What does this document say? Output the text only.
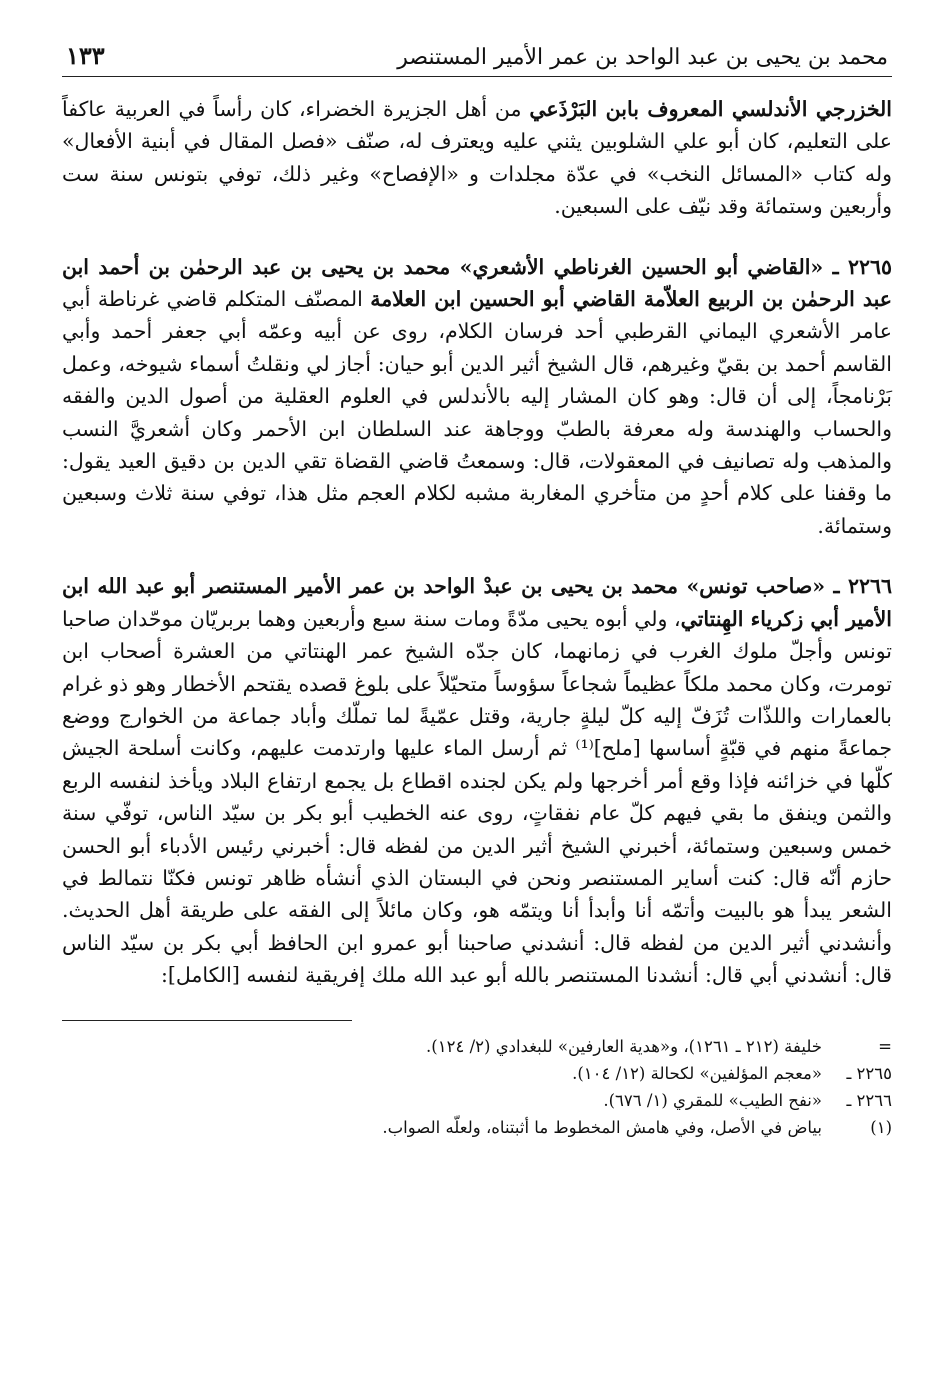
محمد بن يحيى بن عبد الواحد بن عمر الأمير المستنصر
١٣٣

الخزرجي الأندلسي المعروف بابن البَرْذَعي من أهل الجزيرة الخضراء، كان رأساً في العربية عاكفاً على التعليم، كان أبو علي الشلوبين يثني عليه ويعترف له، صنّف «فصل المقال في أبنية الأفعال» وله كتاب «المسائل النخب» في عدّة مجلدات و «الإفصاح» وغير ذلك، توفي بتونس سنة ست وأربعين وستمائة وقد نيّف على السبعين.

٢٢٦٥ ـ «القاضي أبو الحسين الغرناطي الأشعري» محمد بن يحيى بن عبد الرحمٰن بن أحمد ابن عبد الرحمٰن بن الربيع العلاّمة القاضي أبو الحسين ابن العلامة المصنّف المتكلم قاضي غرناطة أبي عامر الأشعري اليماني القرطبي أحد فرسان الكلام، روى عن أبيه وعمّه أبي جعفر أحمد وأبي القاسم أحمد بن بقيّ وغيرهم، قال الشيخ أثير الدين أبو حيان: أجاز لي ونقلتُ أسماء شيوخه، وعمل بَرْنامجاً، إلى أن قال: وهو كان المشار إليه بالأندلس في العلوم العقلية من أصول الدين والفقه والحساب والهندسة وله معرفة بالطبّ ووجاهة عند السلطان ابن الأحمر وكان أشعريَّ النسب والمذهب وله تصانيف في المعقولات، قال: وسمعتُ قاضي القضاة تقي الدين بن دقيق العيد يقول: ما وقفنا على كلام أحدٍ من متأخري المغاربة مشبه لكلام العجم مثل هذا، توفي سنة ثلاث وسبعين وستمائة.

٢٢٦٦ ـ «صاحب تونس» محمد بن يحيى بن عبدْ الواحد بن عمر الأمير المستنصر أبو عبد الله ابن الأمير أبي زكرياء الهِنتاتي، ولي أبوه يحيى مدّةً ومات سنة سبع وأربعين وهما بربريّان موحّدان صاحبا تونس وأجلّ ملوك الغرب في زمانهما، كان جدّه الشيخ عمر الهنتاتي من العشرة أصحاب ابن تومرت، وكان محمد ملكاً عظيماً شجاعاً سؤوساً متحيّلاً على بلوغ قصده يقتحم الأخطار وهو ذو غرام بالعمارات واللذّات تُزَفّ إليه كلّ ليلةٍ جارية، وقتل عمّيةً لما تملّك وأباد جماعة من الخوارج ووضع جماعةً منهم في قبّةٍ أساسها [ملح]⁽¹⁾ ثم أرسل الماء عليها وارتدمت عليهم، وكانت أسلحة الجيش كلّها في خزائنه فإذا وقع أمر أخرجها ولم يكن لجنده اقطاع بل يجمع ارتفاع البلاد ويأخذ لنفسه الربع والثمن وينفق ما بقي فيهم كلّ عام نفقاتٍ، روى عنه الخطيب أبو بكر بن سيّد الناس، توفّي سنة خمس وسبعين وستمائة، أخبرني الشيخ أثير الدين من لفظه قال: أخبرني رئيس الأدباء أبو الحسن حازم أنّه قال: كنت أساير المستنصر ونحن في البستان الذي أنشأه ظاهر تونس فكنّا نتمالط في الشعر يبدأ هو بالبيت وأتمّه أنا وأبدأ أنا ويتمّه هو، وكان مائلاً إلى الفقه على طريقة أهل الحديث. وأنشدني أثير الدين من لفظه قال: أنشدني صاحبنا أبو عمرو ابن الحافظ أبي بكر بن سيّد الناس قال: أنشدني أبي قال: أنشدنا المستنصر بالله أبو عبد الله ملك إفريقية لنفسه [الكامل]:

=
خليفة (٢١٢ ـ ١٢٦١)، و«هدية العارفين» للبغدادي (٢/ ١٢٤).
٢٢٦٥ ـ
«معجم المؤلفين» لكحالة (١٢/ ١٠٤).
٢٢٦٦ ـ
«نفح الطيب» للمقري (١/ ٦٧٦).
(١)
بياض في الأصل، وفي هامش المخطوط ما أثبتناه، ولعلّه الصواب.
